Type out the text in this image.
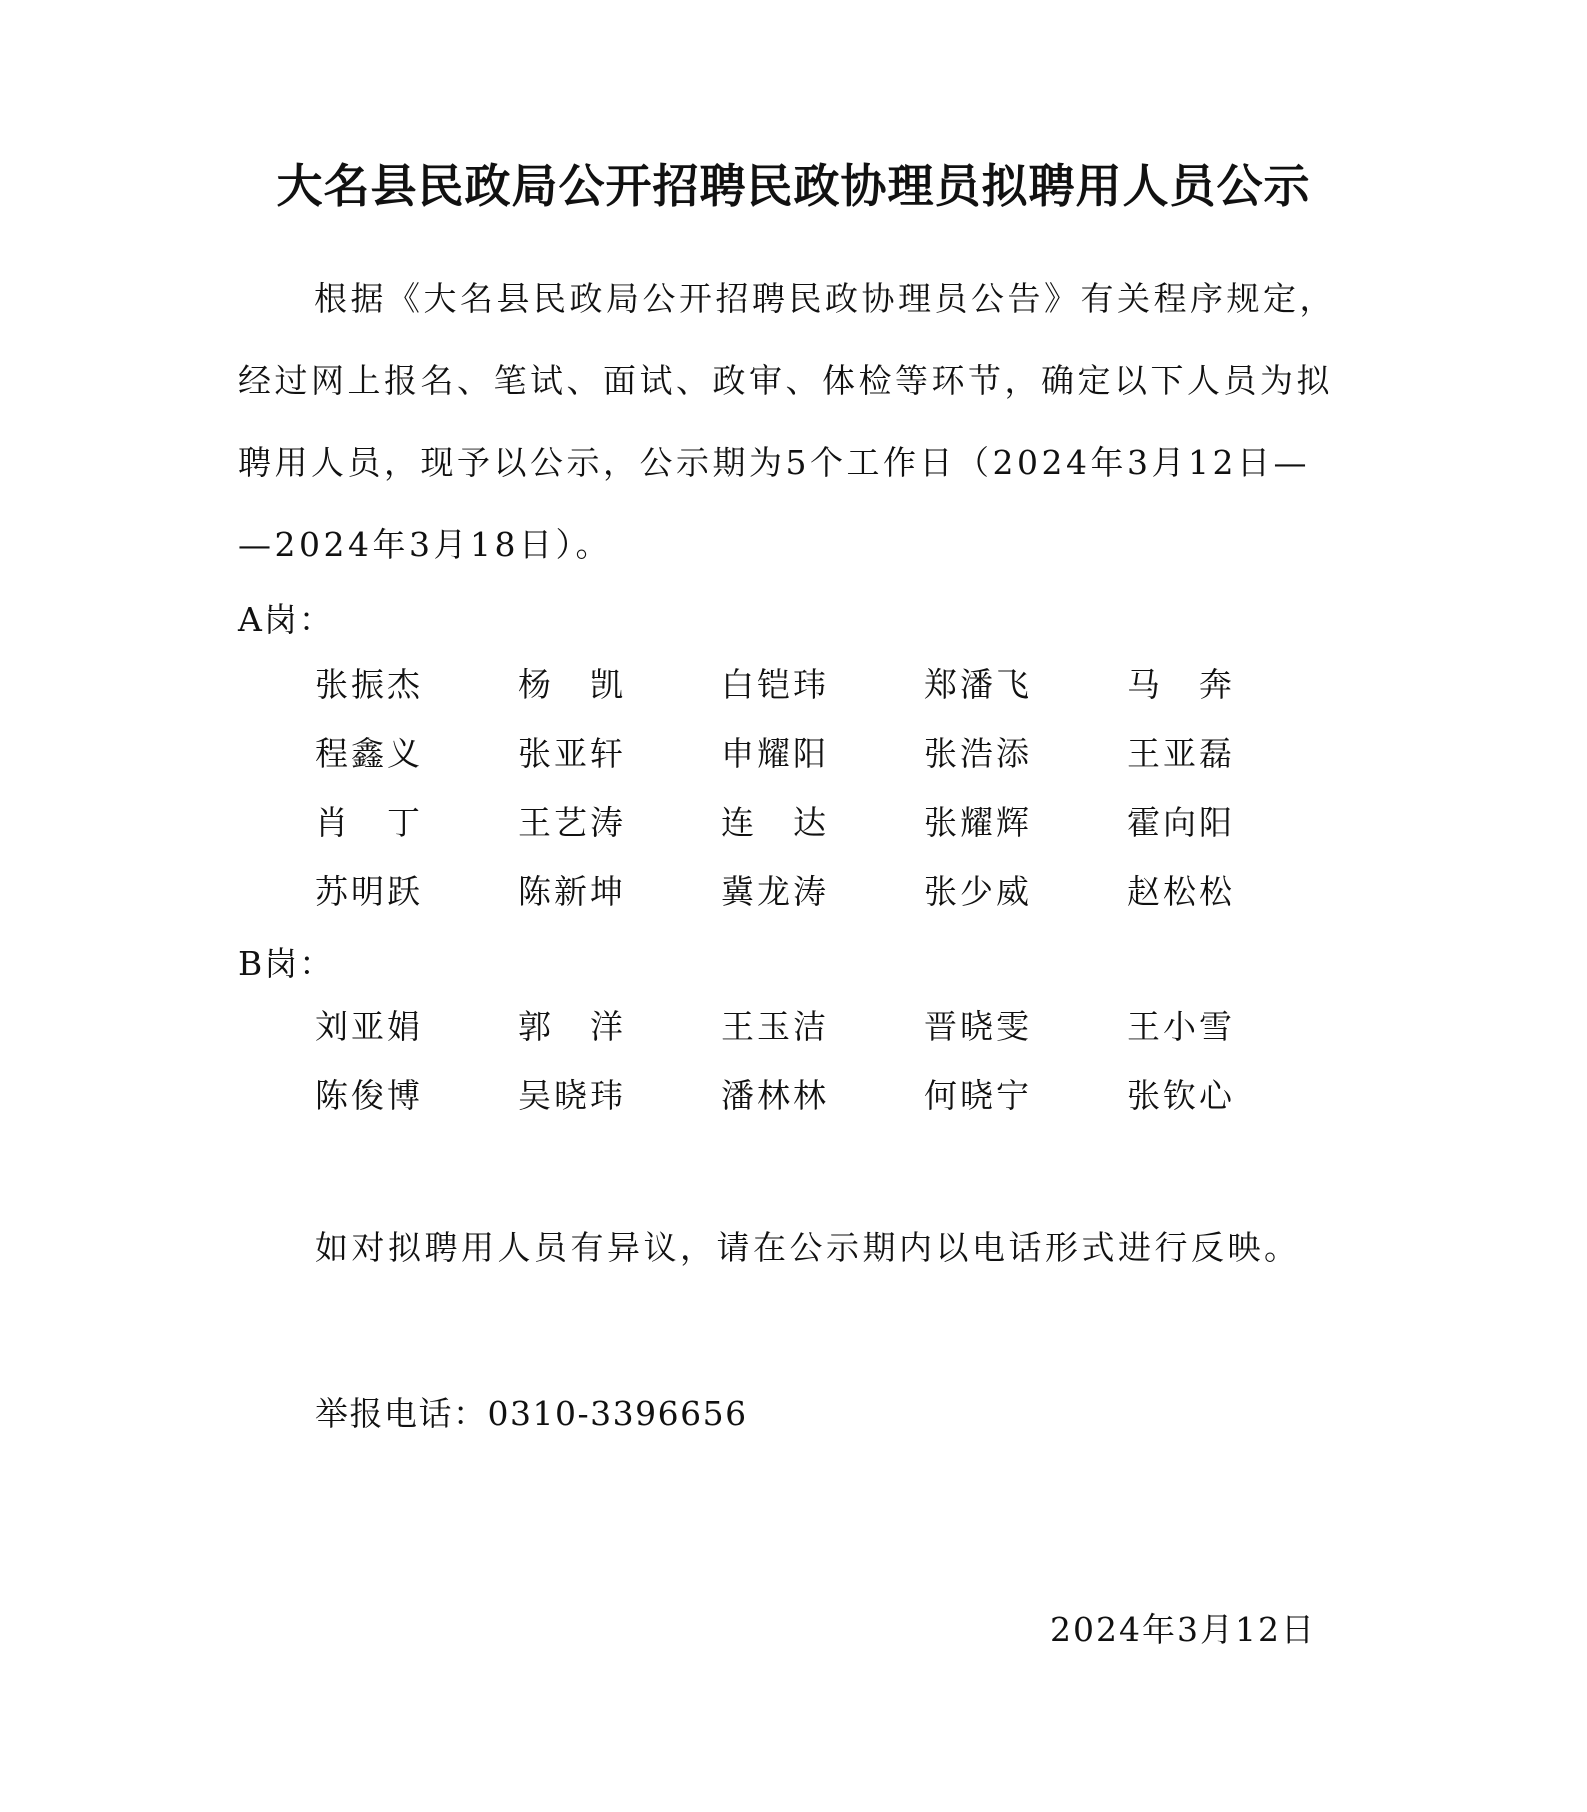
大名县民政局公开招聘民政协理员拟聘用人员公示
根据《大名县民政局公开招聘民政协理员公告》有关程序规定，
经过网上报名、笔试、面试、政审、体检等环节，确定以下人员为拟
聘用人员，现予以公示，公示期为5个工作日（2024年3月12日—
—2024年3月18日）。
A岗：
张振杰	杨　凯	白铠玮	郑潘飞	马　奔
程鑫义	张亚轩	申耀阳	张浩添	王亚磊
肖　丁	王艺涛	连　达	张耀辉	霍向阳
苏明跃	陈新坤	冀龙涛	张少威	赵松松
B岗：
刘亚娟	郭　洋	王玉洁	晋晓雯	王小雪
陈俊博	吴晓玮	潘林林	何晓宁	张钦心
如对拟聘用人员有异议，请在公示期内以电话形式进行反映。
举报电话：0310-3396656
2024年3月12日
